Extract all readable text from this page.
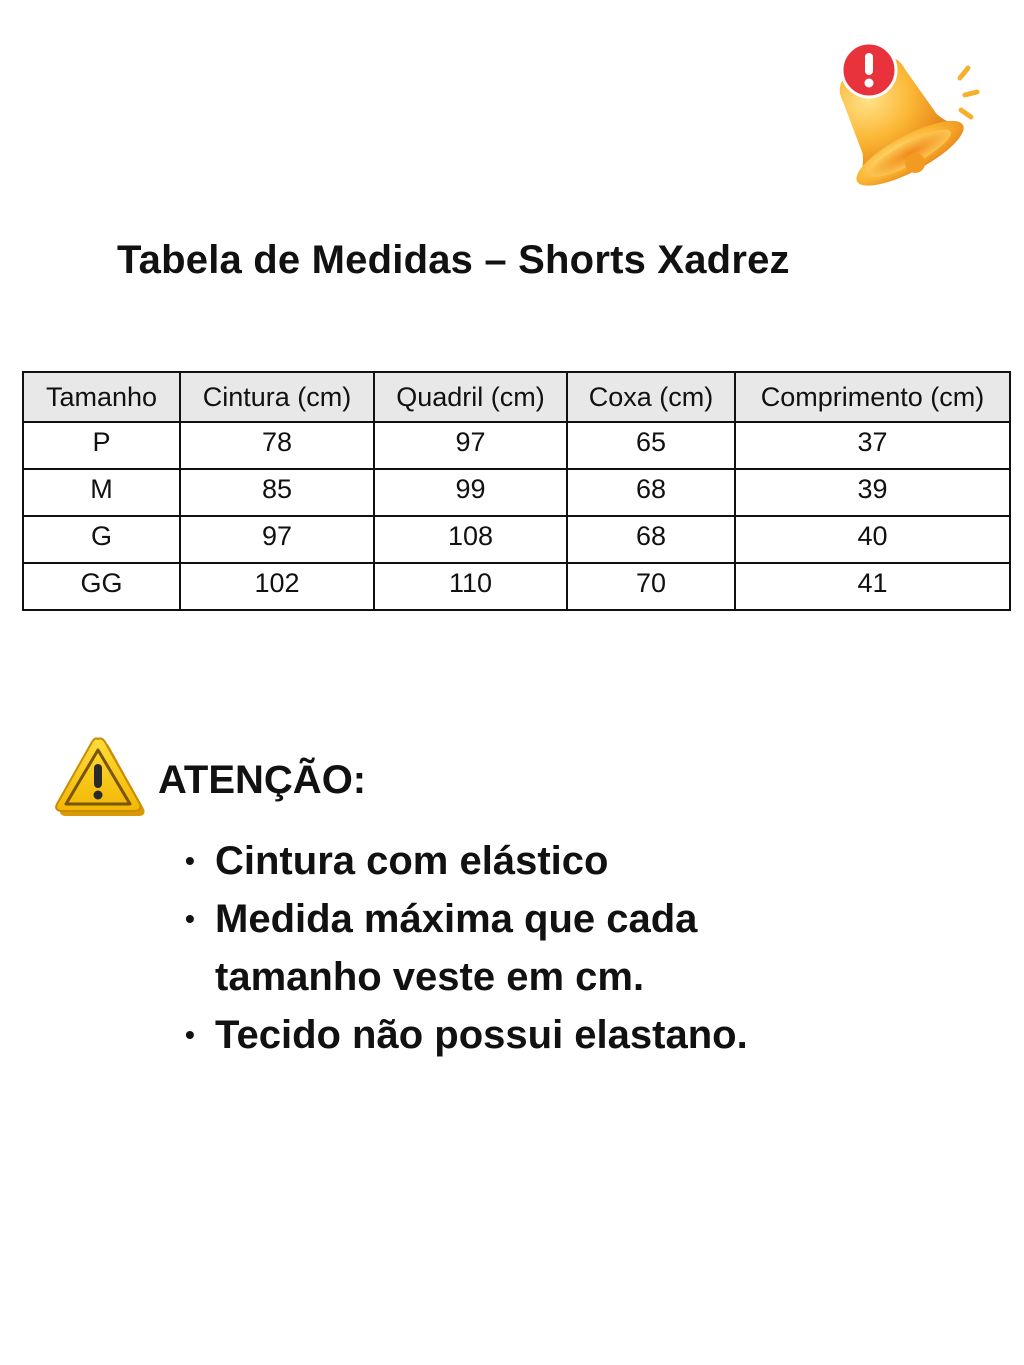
Tabela de Medidas – Shorts Xadrez
Tamanho	Cintura (cm)	Quadril (cm)	Coxa (cm)	Comprimento (cm)
P	78	97	65	37
M	85	99	68	39
G	97	108	68	40
GG	102	110	70	41
ATENÇÃO:
• Cintura com elástico
• Medida máxima que cada tamanho veste em cm.
• Tecido não possui elastano.
